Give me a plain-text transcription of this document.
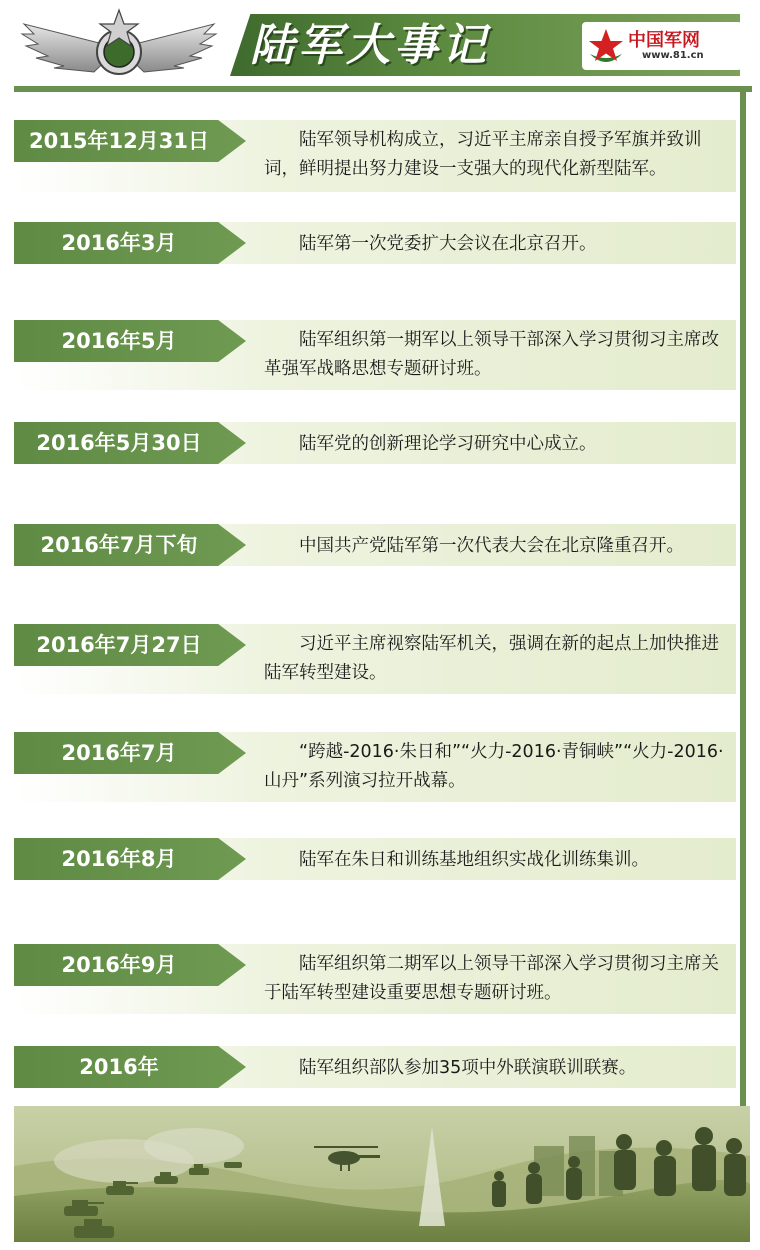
陆军大事记	中国军网
www.81.cn
2015年12月31日	陆军领导机构成立，习近平主席亲自授予军旗并致训词，鲜明提出努力建设一支强大的现代化新型陆军。
2016年3月	陆军第一次党委扩大会议在北京召开。
2016年5月	陆军组织第一期军以上领导干部深入学习贯彻习主席改革强军战略思想专题研讨班。
2016年5月30日	陆军党的创新理论学习研究中心成立。
2016年7月下旬	中国共产党陆军第一次代表大会在北京隆重召开。
2016年7月27日	习近平主席视察陆军机关，强调在新的起点上加快推进陆军转型建设。
2016年7月	“跨越-2016·朱日和”“火力-2016·青铜峡”“火力-2016·山丹”系列演习拉开战幕。
2016年8月	陆军在朱日和训练基地组织实战化训练集训。
2016年9月	陆军组织第二期军以上领导干部深入学习贯彻习主席关于陆军转型建设重要思想专题研讨班。
2016年	陆军组织部队参加35项中外联演联训联赛。
